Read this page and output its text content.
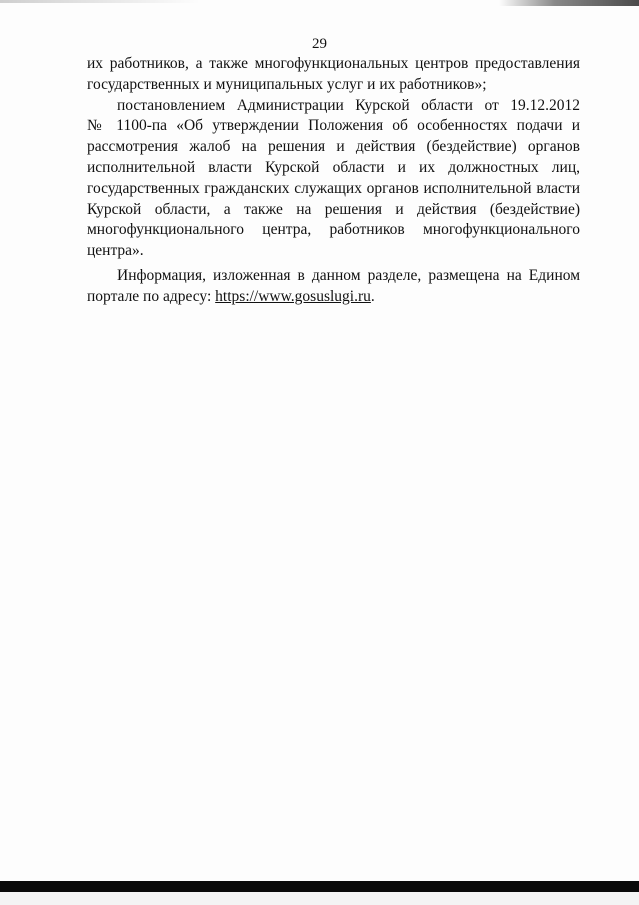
29
их работников, а также многофункциональных центров предоставления
государственных и муниципальных услуг и их работников»;
постановлением Администрации Курской области от 19.12.2012
№ 1100-па «Об утверждении Положения об особенностях подачи и
рассмотрения жалоб на решения и действия (бездействие) органов
исполнительной власти Курской области и их должностных лиц,
государственных гражданских служащих органов исполнительной власти
Курской области, а также на решения и действия (бездействие)
многофункционального центра, работников многофункционального
центра».
Информация, изложенная в данном разделе, размещена на Едином
портале по адресу: https://www.gosuslugi.ru.
